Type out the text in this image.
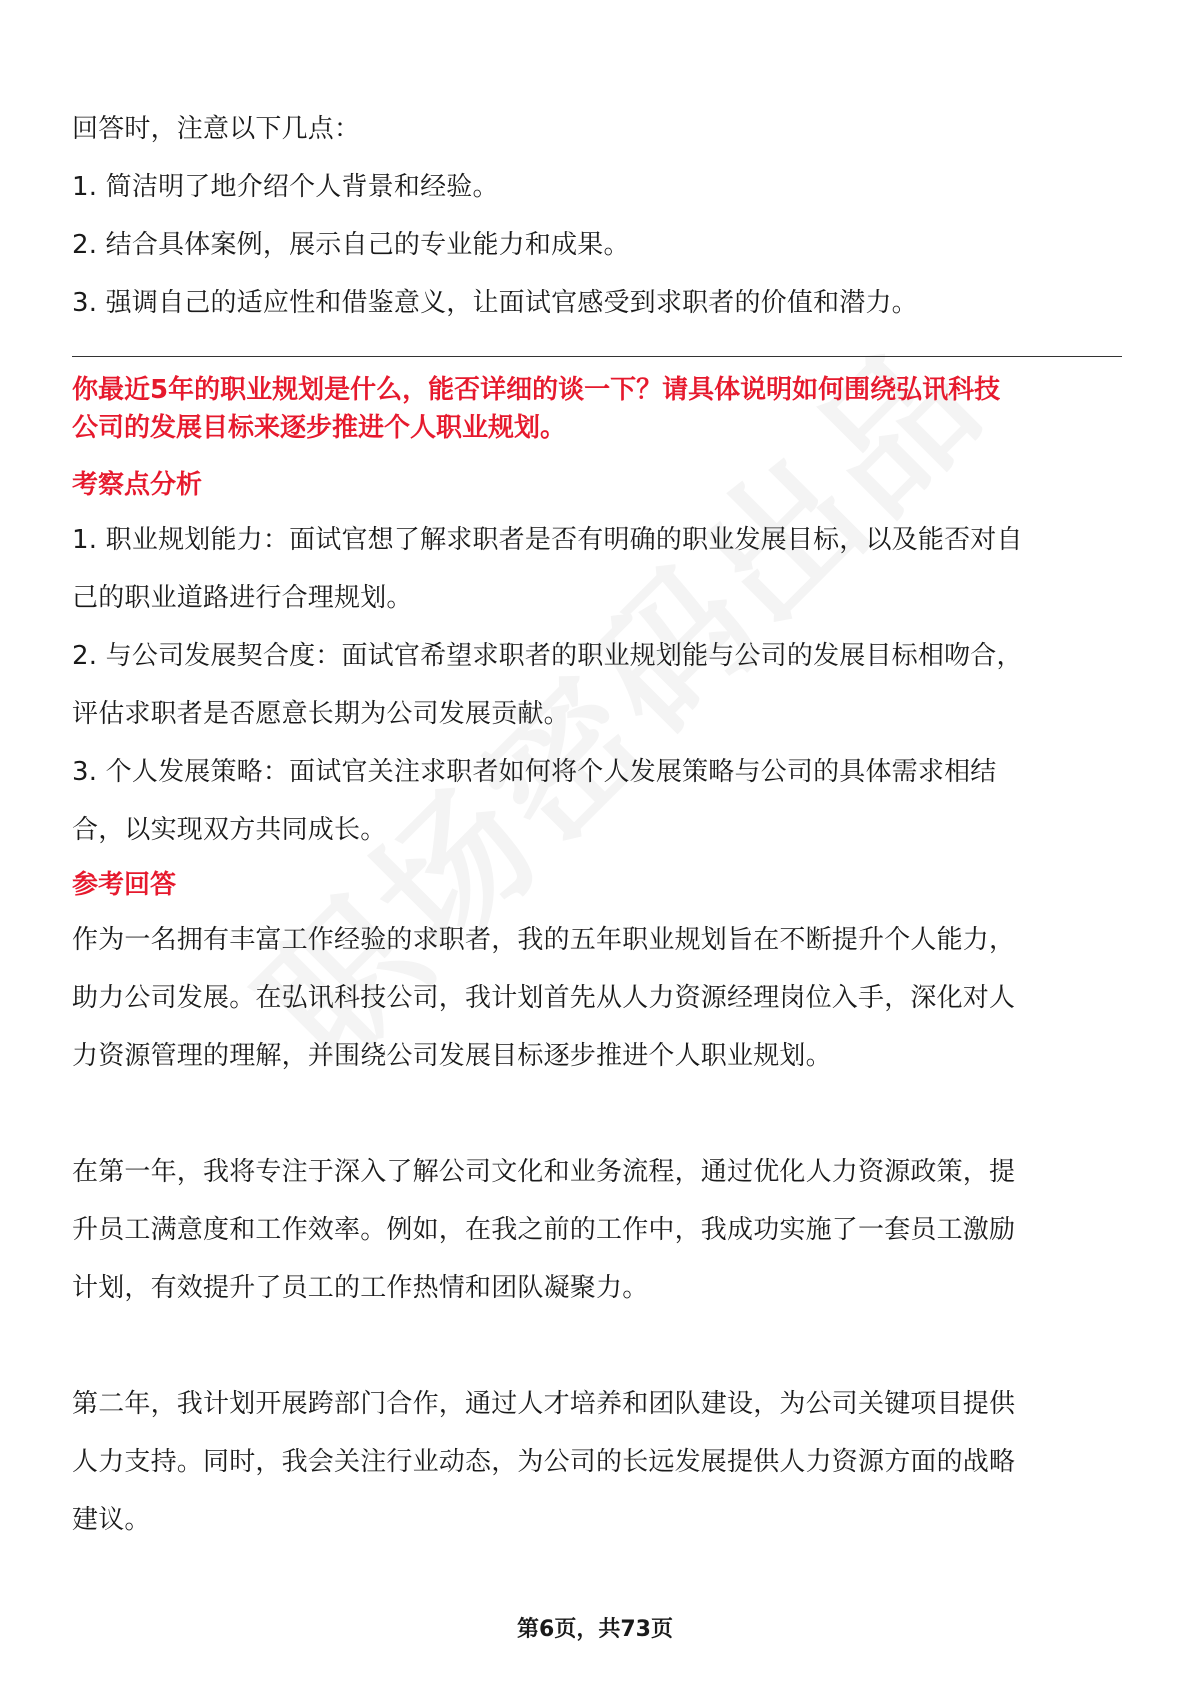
回答时，注意以下几点：

1. 简洁明了地介绍个人背景和经验。

2. 结合具体案例，展示自己的专业能力和成果。

3. 强调自己的适应性和借鉴意义，让面试官感受到求职者的价值和潜力。

你最近5年的职业规划是什么，能否详细的谈一下？请具体说明如何围绕弘讯科技
公司的发展目标来逐步推进个人职业规划。

考察点分析

1. 职业规划能力：面试官想了解求职者是否有明确的职业发展目标，以及能否对自

己的职业道路进行合理规划。

2. 与公司发展契合度：面试官希望求职者的职业规划能与公司的发展目标相吻合，

评估求职者是否愿意长期为公司发展贡献。

3. 个人发展策略：面试官关注求职者如何将个人发展策略与公司的具体需求相结

合，以实现双方共同成长。

参考回答

作为一名拥有丰富工作经验的求职者，我的五年职业规划旨在不断提升个人能力，

助力公司发展。在弘讯科技公司，我计划首先从人力资源经理岗位入手，深化对人

力资源管理的理解，并围绕公司发展目标逐步推进个人职业规划。

在第一年，我将专注于深入了解公司文化和业务流程，通过优化人力资源政策，提

升员工满意度和工作效率。例如，在我之前的工作中，我成功实施了一套员工激励

计划，有效提升了员工的工作热情和团队凝聚力。

第二年，我计划开展跨部门合作，通过人才培养和团队建设，为公司关键项目提供

人力支持。同时，我会关注行业动态，为公司的长远发展提供人力资源方面的战略

建议。

第6页，共73页
